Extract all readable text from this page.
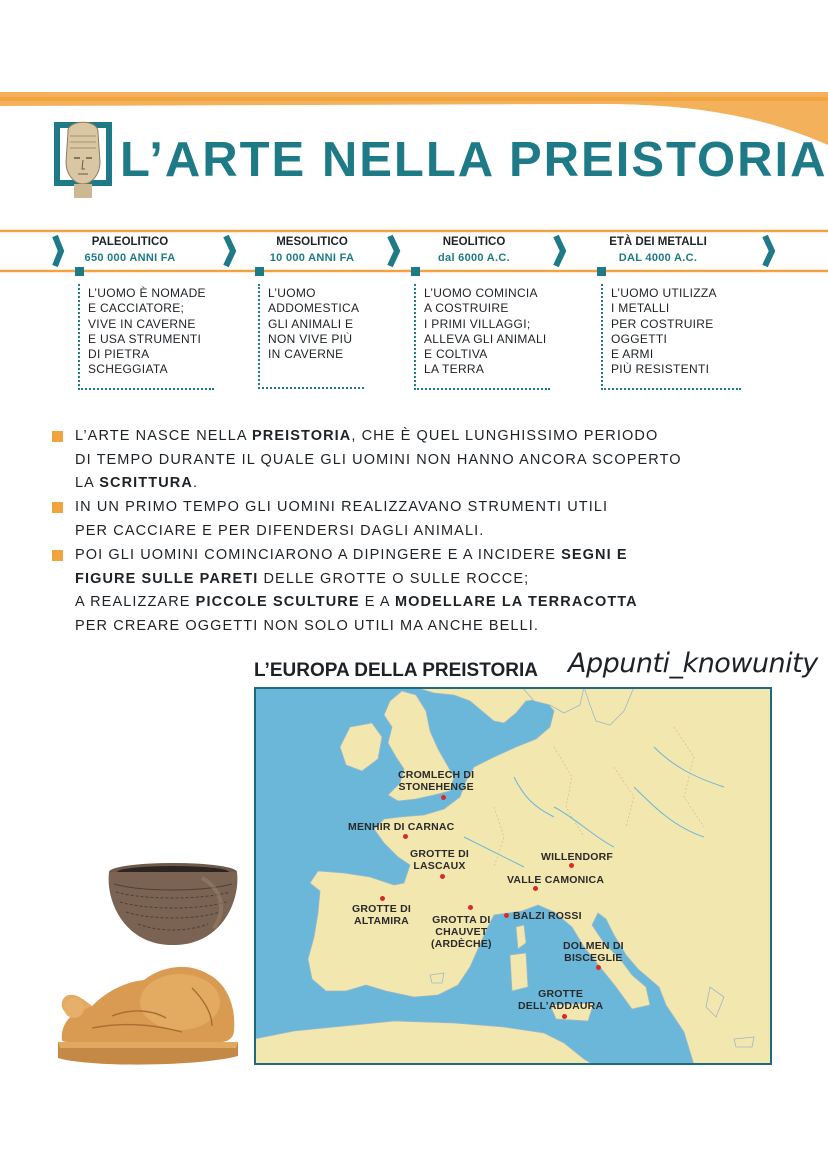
L’ARTE NELLA PREISTORIA
PALEOLITICO
650 000 ANNI FA
MESOLITICO
10 000 ANNI FA
NEOLITICO
dal 6000 A.C.
ETÀ DEI METALLI
DAL 4000 A.C.
L’UOMO È NOMADE
E CACCIATORE;
VIVE IN CAVERNE
E USA STRUMENTI
DI PIETRA
SCHEGGIATA
L’UOMO
ADDOMESTICA
GLI ANIMALI E
NON VIVE PIÙ
IN CAVERNE
L’UOMO COMINCIA
A COSTRUIRE
I PRIMI VILLAGGI;
ALLEVA GLI ANIMALI
E COLTIVA
LA TERRA
L’UOMO UTILIZZA
I METALLI
PER COSTRUIRE
OGGETTI
E ARMI
PIÙ RESISTENTI
L’ARTE NASCE NELLA PREISTORIA, CHE È QUEL LUNGHISSIMO PERIODO
DI TEMPO DURANTE IL QUALE GLI UOMINI NON HANNO ANCORA SCOPERTO
LA SCRITTURA.
IN UN PRIMO TEMPO GLI UOMINI REALIZZAVANO STRUMENTI UTILI
PER CACCIARE E PER DIFENDERSI DAGLI ANIMALI.
POI GLI UOMINI COMINCIARONO A DIPINGERE E A INCIDERE SEGNI E
FIGURE SULLE PARETI DELLE GROTTE O SULLE ROCCE;
A REALIZZARE PICCOLE SCULTURE E A MODELLARE LA TERRACOTTA
PER CREARE OGGETTI NON SOLO UTILI MA ANCHE BELLI.
L’EUROPA DELLA PREISTORIA Appunti_knowunity
CROMLECH DI
STONEHENGE
MENHIR DI CARNAC
GROTTE DI
LASCAUX
WILLENDORF
VALLE CAMONICA
GROTTE DI
ALTAMIRA GROTTA DI
CHAUVET
(ARDÈCHE)
BALZI ROSSI
DOLMEN DI
BISCEGLIE
GROTTE
DELL’ADDAURA
